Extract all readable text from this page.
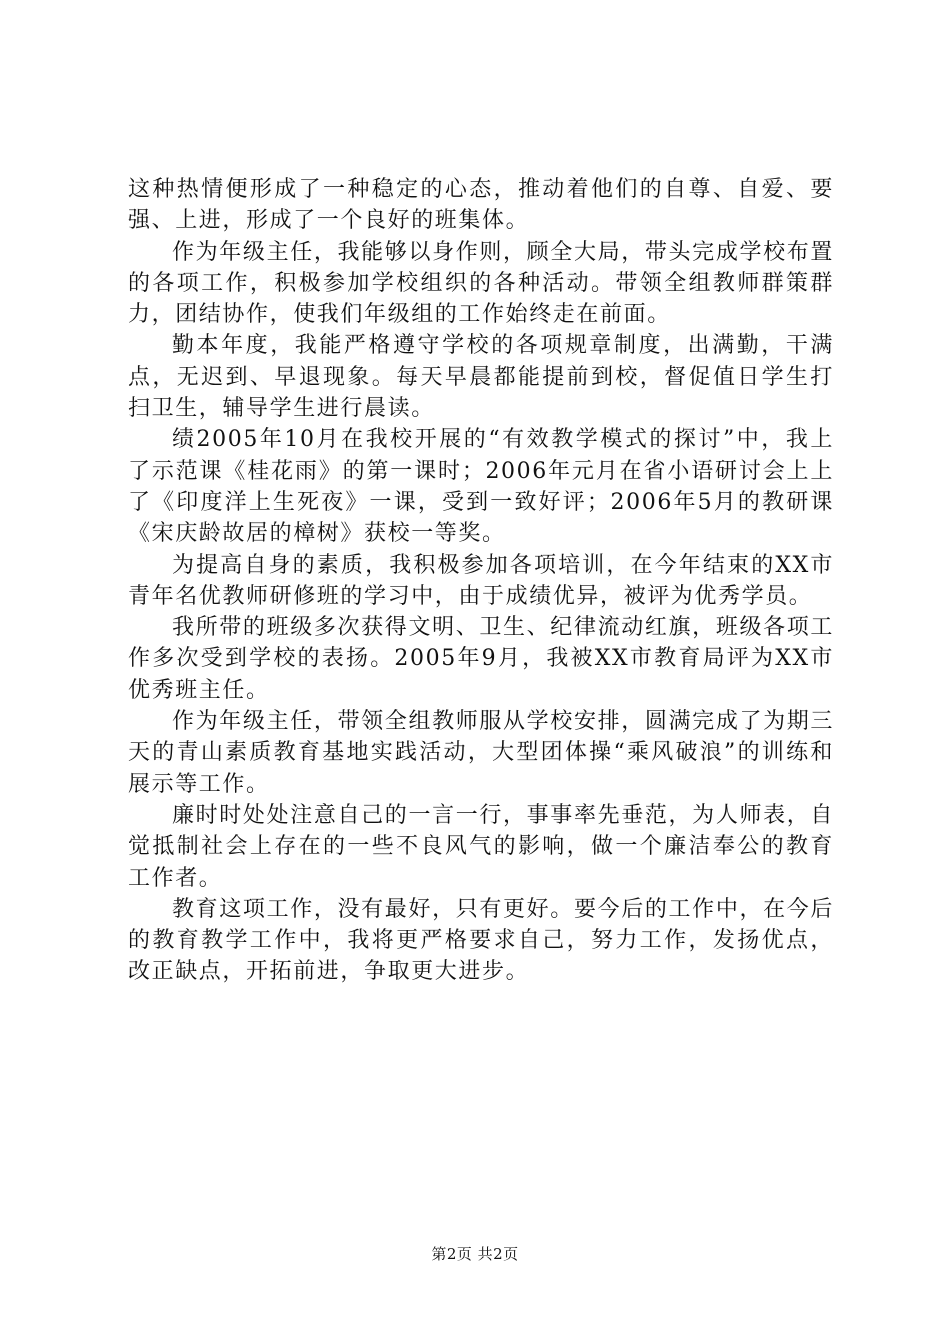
这种热情便形成了一种稳定的心态，推动着他们的自尊、自爱、要强、上进，形成了一个良好的班集体。

作为年级主任，我能够以身作则，顾全大局，带头完成学校布置的各项工作，积极参加学校组织的各种活动。带领全组教师群策群力，团结协作，使我们年级组的工作始终走在前面。

勤本年度，我能严格遵守学校的各项规章制度，出满勤，干满点，无迟到、早退现象。每天早晨都能提前到校，督促值日学生打扫卫生，辅导学生进行晨读。

绩2005年10月在我校开展的“有效教学模式的探讨”中，我上了示范课《桂花雨》的第一课时；2006年元月在省小语研讨会上上了《印度洋上生死夜》一课，受到一致好评；2006年5月的教研课《宋庆龄故居的樟树》获校一等奖。

为提高自身的素质，我积极参加各项培训，在今年结束的XX市青年名优教师研修班的学习中，由于成绩优异，被评为优秀学员。

我所带的班级多次获得文明、卫生、纪律流动红旗，班级各项工作多次受到学校的表扬。2005年9月，我被XX市教育局评为XX市优秀班主任。

作为年级主任，带领全组教师服从学校安排，圆满完成了为期三天的青山素质教育基地实践活动，大型团体操“乘风破浪”的训练和展示等工作。

廉时时处处注意自己的一言一行，事事率先垂范，为人师表，自觉抵制社会上存在的一些不良风气的影响，做一个廉洁奉公的教育工作者。

教育这项工作，没有最好，只有更好。要今后的工作中，在今后的教育教学工作中，我将更严格要求自己，努力工作，发扬优点，改正缺点，开拓前进，争取更大进步。

第2页 共2页
